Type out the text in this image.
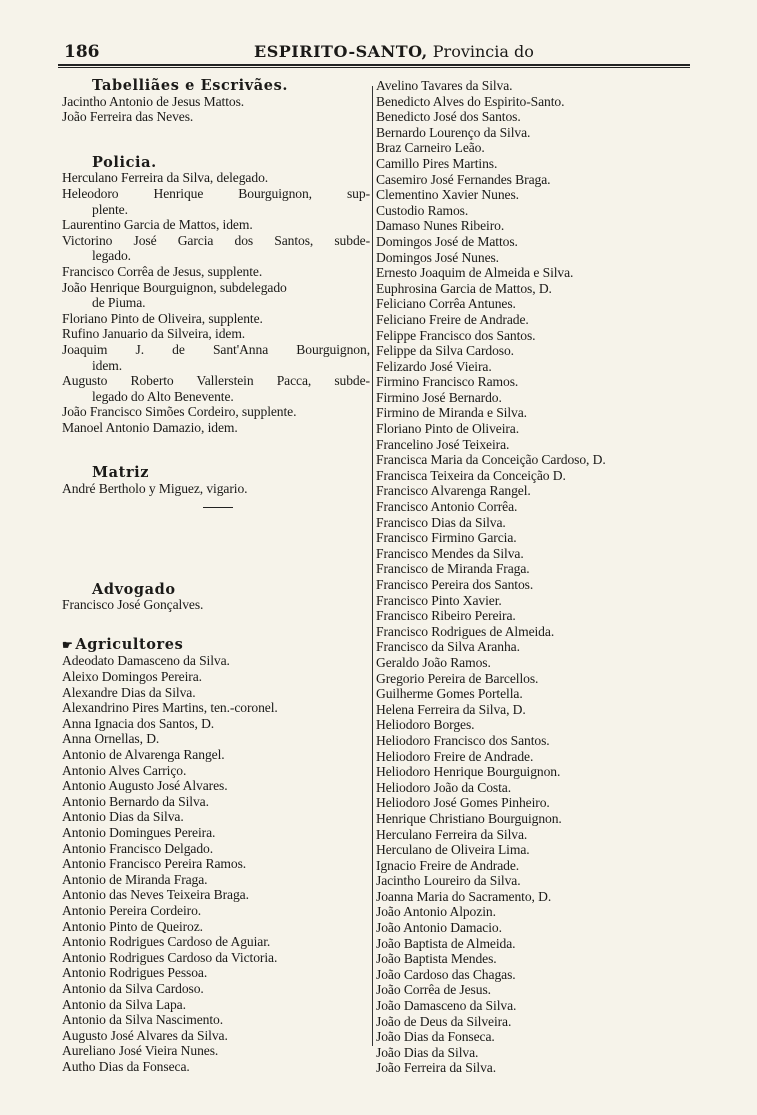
186	ESPIRITO-SANTO, Provincia do
Tabelliães e Escrivães.
Jacintho Antonio de Jesus Mattos.
João Ferreira das Neves.
Policia.
Herculano Ferreira da Silva, delegado.
Heleodoro Henrique Bourguignon, sup-
plente.
Laurentino Garcia de Mattos, idem.
Victorino José Garcia dos Santos, subde-
legado.
Francisco Corrêa de Jesus, supplente.
João Henrique Bourguignon, subdelegado
de Piuma.
Floriano Pinto de Oliveira, supplente.
Rufino Januario da Silveira, idem.
Joaquim J. de Sant'Anna Bourguignon,
idem.
Augusto Roberto Vallerstein Pacca, subde-
legado do Alto Benevente.
João Francisco Simões Cordeiro, supplente.
Manoel Antonio Damazio, idem.
Matriz
André Bertholo y Miguez, vigario.
Advogado
Francisco José Gonçalves.
☛ Agricultores
Adeodato Damasceno da Silva.
Aleixo Domingos Pereira.
Alexandre Dias da Silva.
Alexandrino Pires Martins, ten.-coronel.
Anna Ignacia dos Santos, D.
Anna Ornellas, D.
Antonio de Alvarenga Rangel.
Antonio Alves Carriço.
Antonio Augusto José Alvares.
Antonio Bernardo da Silva.
Antonio Dias da Silva.
Antonio Domingues Pereira.
Antonio Francisco Delgado.
Antonio Francisco Pereira Ramos.
Antonio de Miranda Fraga.
Antonio das Neves Teixeira Braga.
Antonio Pereira Cordeiro.
Antonio Pinto de Queiroz.
Antonio Rodrigues Cardoso de Aguiar.
Antonio Rodrigues Cardoso da Victoria.
Antonio Rodrigues Pessoa.
Antonio da Silva Cardoso.
Antonio da Silva Lapa.
Antonio da Silva Nascimento.
Augusto José Alvares da Silva.
Aureliano José Vieira Nunes.
Autho Dias da Fonseca.
Avelino Tavares da Silva.
Benedicto Alves do Espirito-Santo.
Benedicto José dos Santos.
Bernardo Lourenço da Silva.
Braz Carneiro Leão.
Camillo Pires Martins.
Casemiro José Fernandes Braga.
Clementino Xavier Nunes.
Custodio Ramos.
Damaso Nunes Ribeiro.
Domingos José de Mattos.
Domingos José Nunes.
Ernesto Joaquim de Almeida e Silva.
Euphrosina Garcia de Mattos, D.
Feliciano Corrêa Antunes.
Feliciano Freire de Andrade.
Felippe Francisco dos Santos.
Felippe da Silva Cardoso.
Felizardo José Vieira.
Firmino Francisco Ramos.
Firmino José Bernardo.
Firmino de Miranda e Silva.
Floriano Pinto de Oliveira.
Francelino José Teixeira.
Francisca Maria da Conceição Cardoso, D.
Francisca Teixeira da Conceição D.
Francisco Alvarenga Rangel.
Francisco Antonio Corrêa.
Francisco Dias da Silva.
Francisco Firmino Garcia.
Francisco Mendes da Silva.
Francisco de Miranda Fraga.
Francisco Pereira dos Santos.
Francisco Pinto Xavier.
Francisco Ribeiro Pereira.
Francisco Rodrigues de Almeida.
Francisco da Silva Aranha.
Geraldo João Ramos.
Gregorio Pereira de Barcellos.
Guilherme Gomes Portella.
Helena Ferreira da Silva, D.
Heliodoro Borges.
Heliodoro Francisco dos Santos.
Heliodoro Freire de Andrade.
Heliodoro Henrique Bourguignon.
Heliodoro João da Costa.
Heliodoro José Gomes Pinheiro.
Henrique Christiano Bourguignon.
Herculano Ferreira da Silva.
Herculano de Oliveira Lima.
Ignacio Freire de Andrade.
Jacintho Loureiro da Silva.
Joanna Maria do Sacramento, D.
João Antonio Alpozin.
João Antonio Damacio.
João Baptista de Almeida.
João Baptista Mendes.
João Cardoso das Chagas.
João Corrêa de Jesus.
João Damasceno da Silva.
João de Deus da Silveira.
João Dias da Fonseca.
João Dias da Silva.
João Ferreira da Silva.
